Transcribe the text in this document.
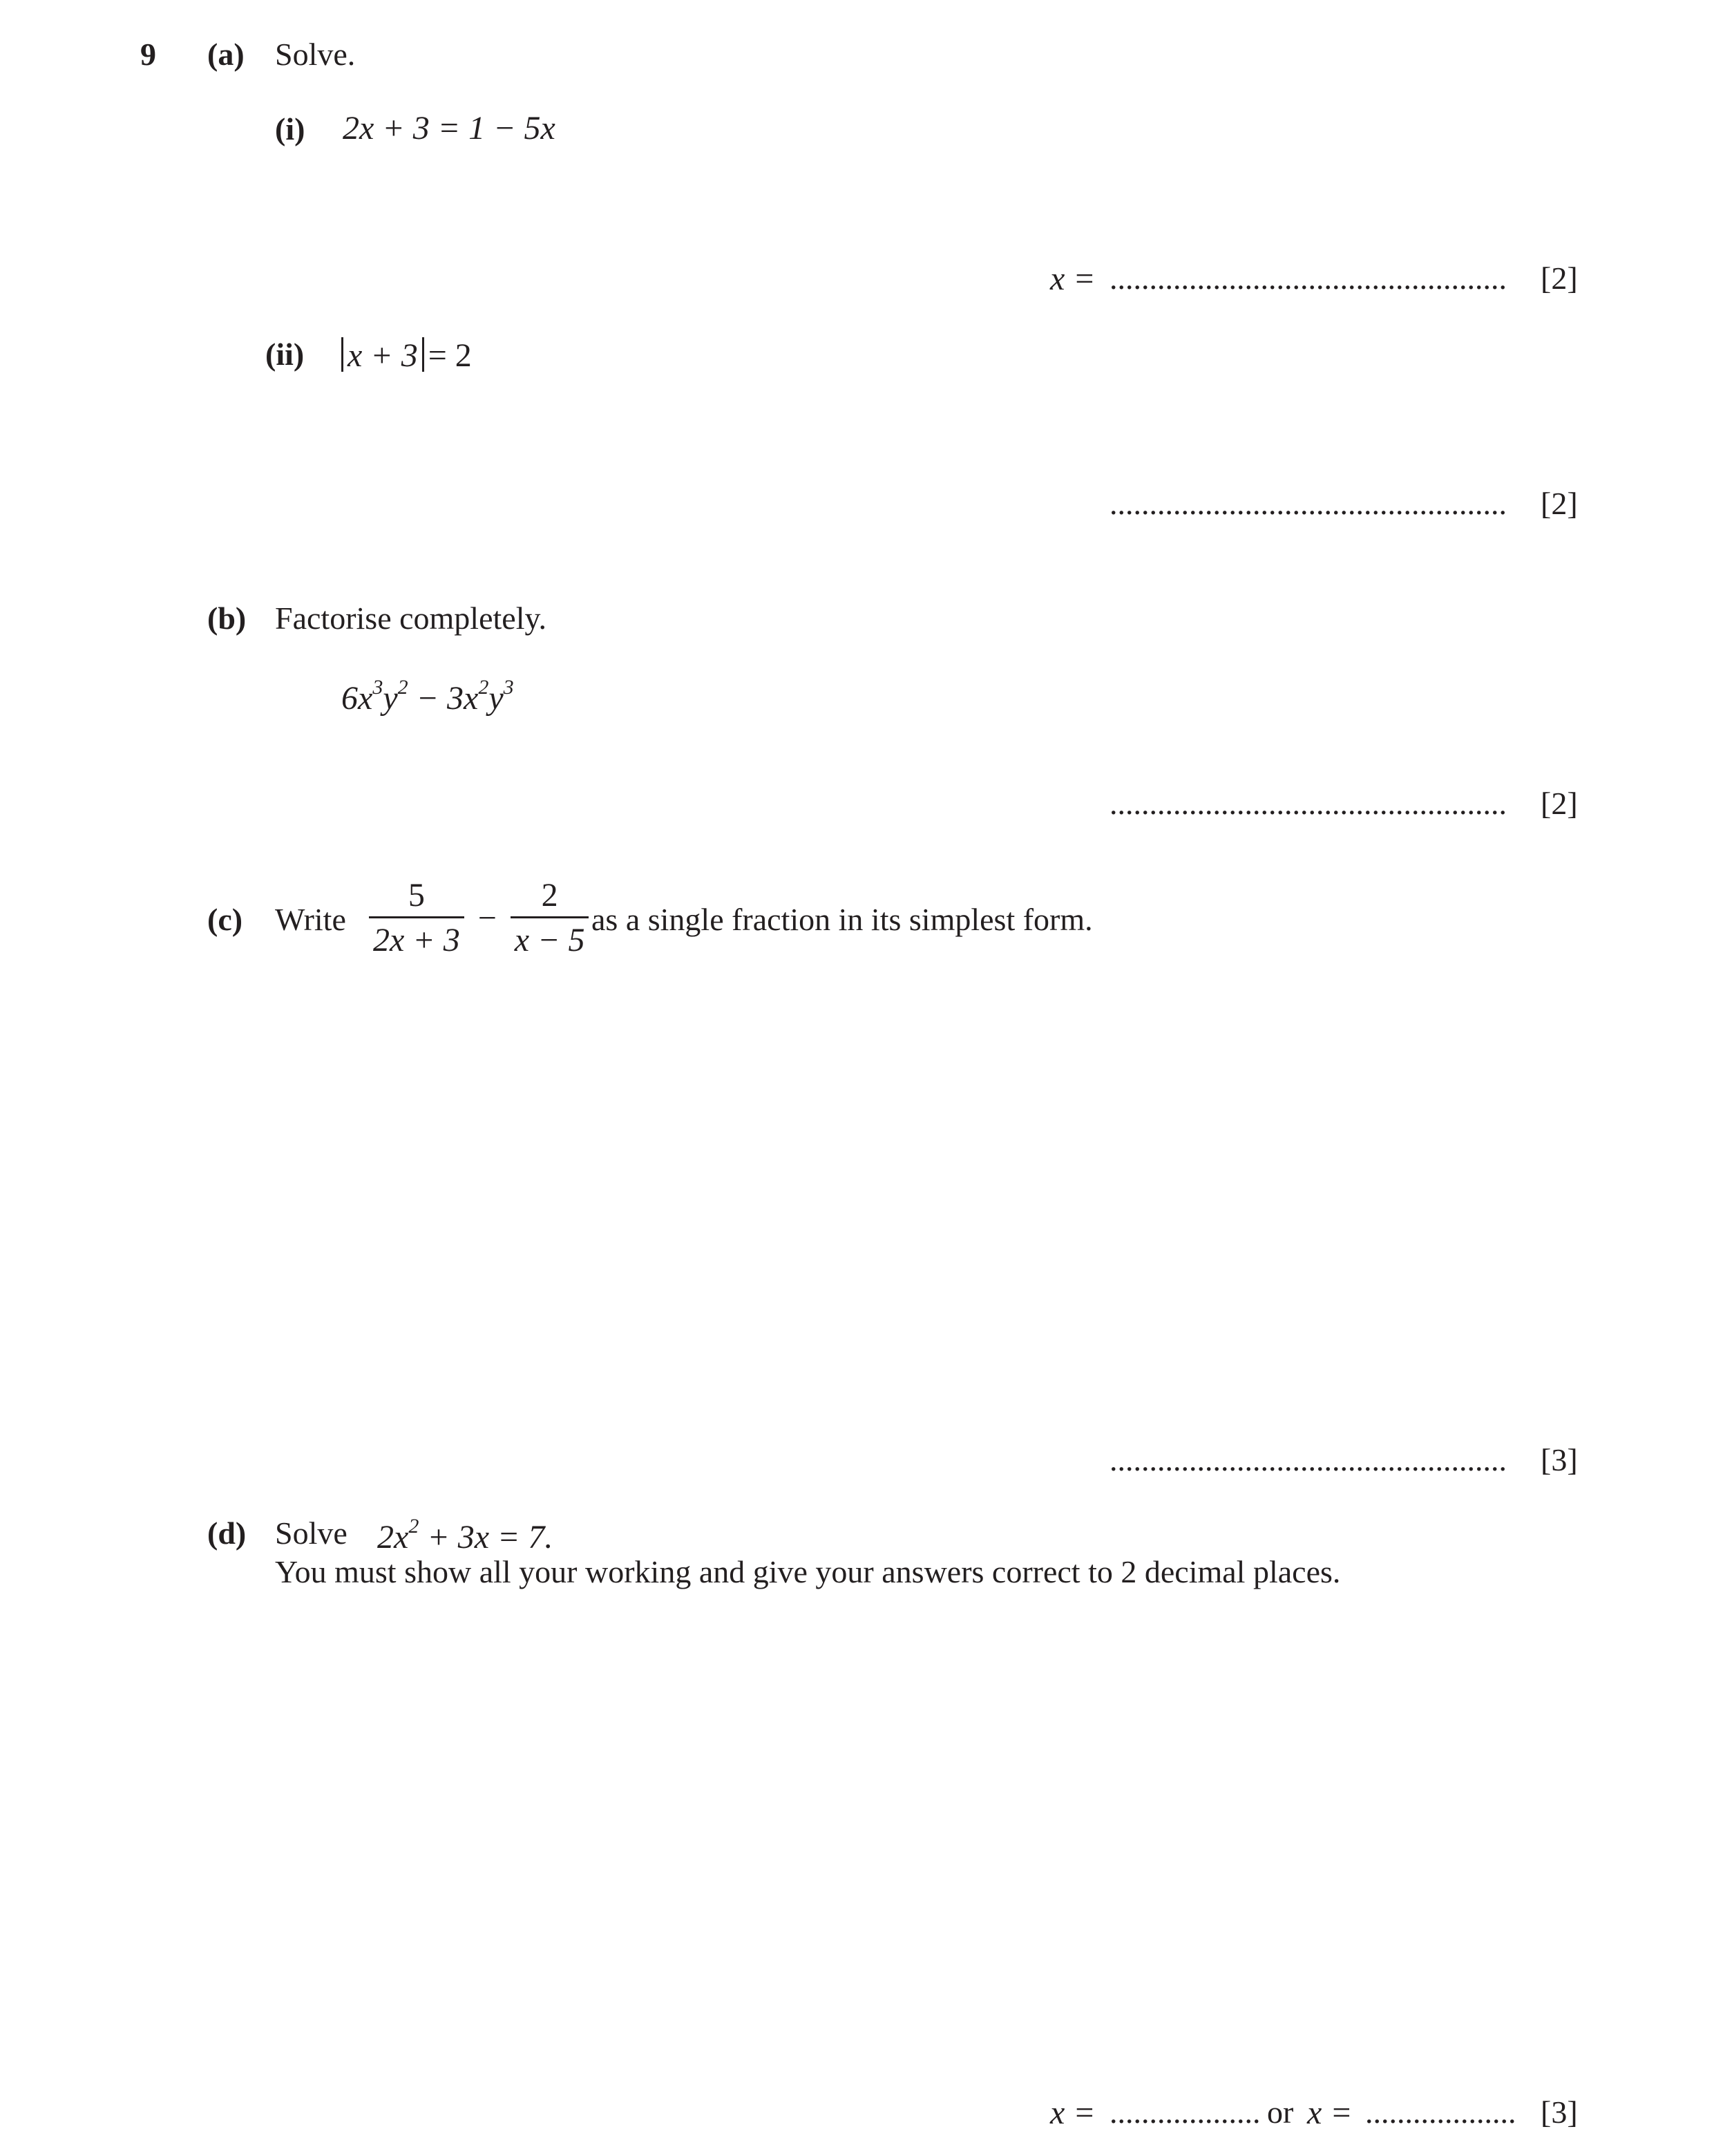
9 (a) Solve.
(i) 2x + 3 = 1 − 5x
x = .................................................. [2]
(ii)	x + 3 = 2
.................................................. [2]
(b) Factorise completely.
$6x^3y^2 - 3x^2y^3$
.................................................. [2]
(c) Write $\frac{5}{2x + 3} - \frac{2}{x - 5}$ as a single fraction in its simplest form.
.................................................. [3]
(d) Solve $2x^2 + 3x = 7$.
You must show all your working and give your answers correct to 2 decimal places.
x = ................... or x = ................... [3]
